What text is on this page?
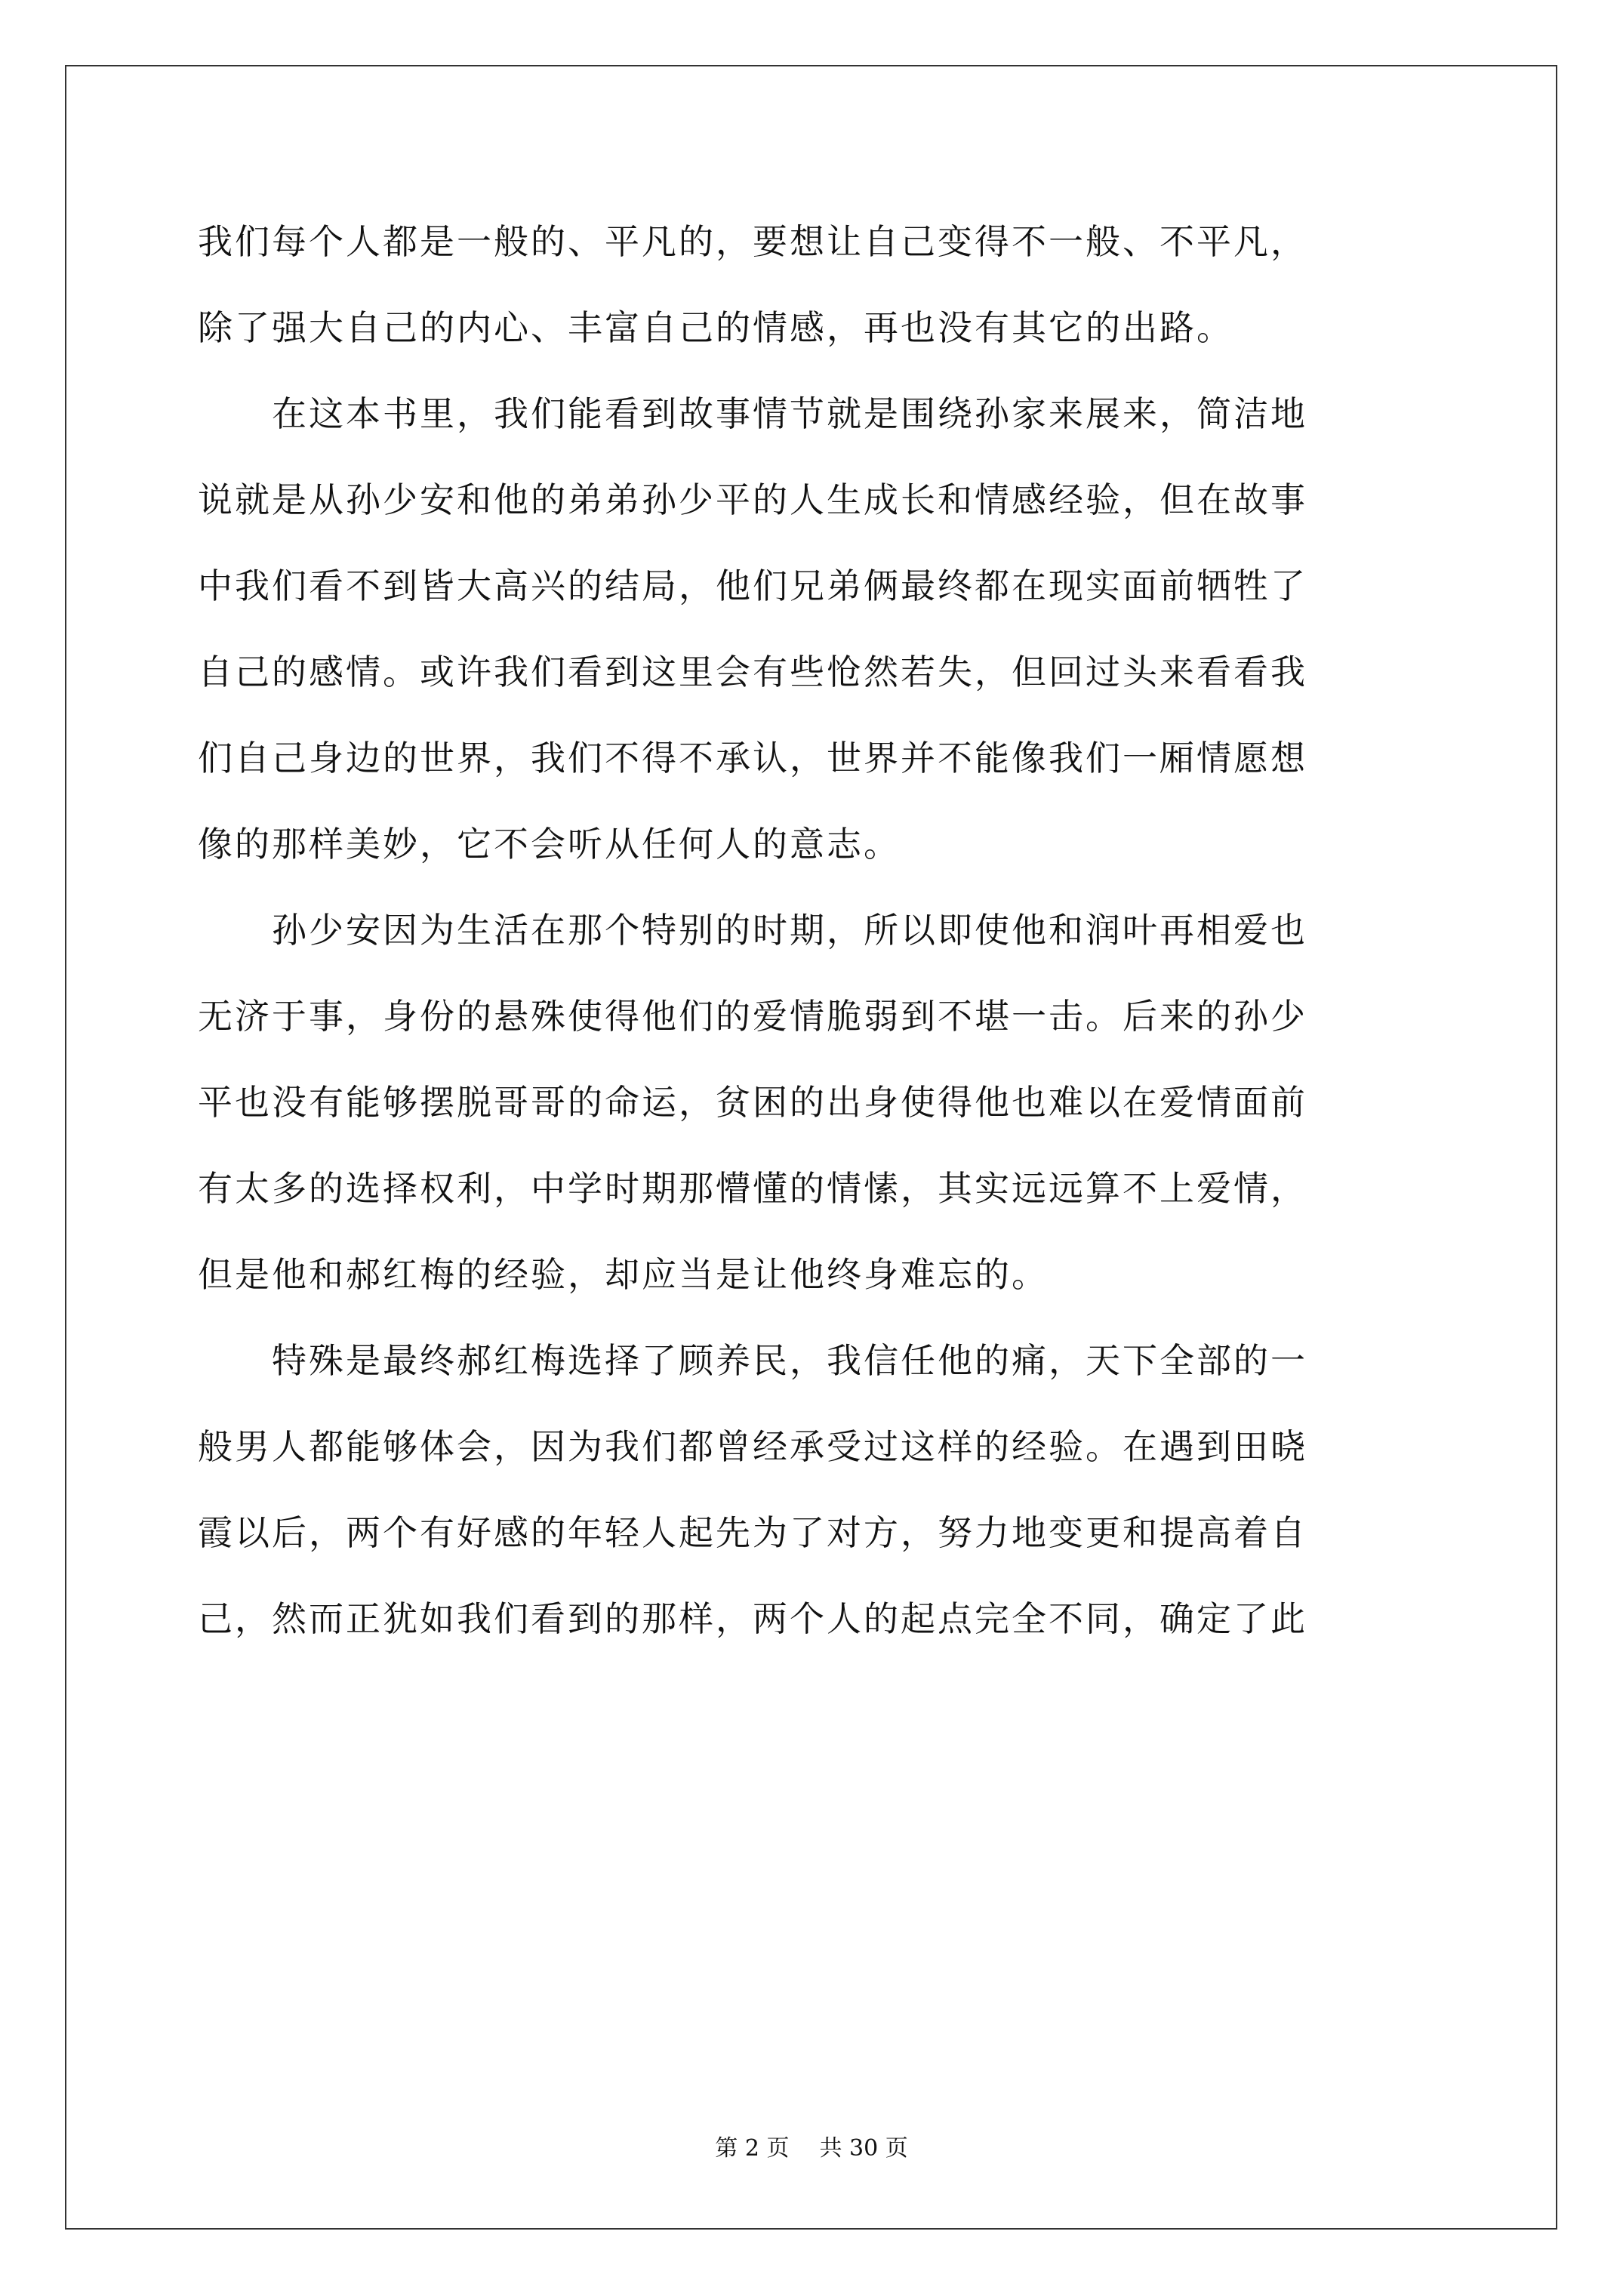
我们每个人都是一般的、平凡的，要想让自己变得不一般、不平凡，
除了强大自己的内心、丰富自己的情感，再也没有其它的出路。
　　在这本书里，我们能看到故事情节就是围绕孙家来展来，简洁地
说就是从孙少安和他的弟弟孙少平的人生成长和情感经验，但在故事
中我们看不到皆大高兴的结局，他们兄弟俩最终都在现实面前牺牲了
自己的感情。或许我们看到这里会有些怆然若失，但回过头来看看我
们自己身边的世界，我们不得不承认，世界并不能像我们一厢情愿想
像的那样美妙，它不会听从任何人的意志。
　　孙少安因为生活在那个特别的时期，所以即使他和润叶再相爱也
无济于事，身份的悬殊使得他们的爱情脆弱到不堪一击。后来的孙少
平也没有能够摆脱哥哥的命运，贫困的出身使得他也难以在爱情面前
有太多的选择权利，中学时期那懵懂的情愫，其实远远算不上爱情，
但是他和郝红梅的经验，却应当是让他终身难忘的。
　　特殊是最终郝红梅选择了顾养民，我信任他的痛，天下全部的一
般男人都能够体会，因为我们都曾经承受过这样的经验。在遇到田晓
霞以后，两个有好感的年轻人起先为了对方，努力地变更和提高着自
己，然而正犹如我们看到的那样，两个人的起点完全不同，确定了此
第 2 页 共 30 页
